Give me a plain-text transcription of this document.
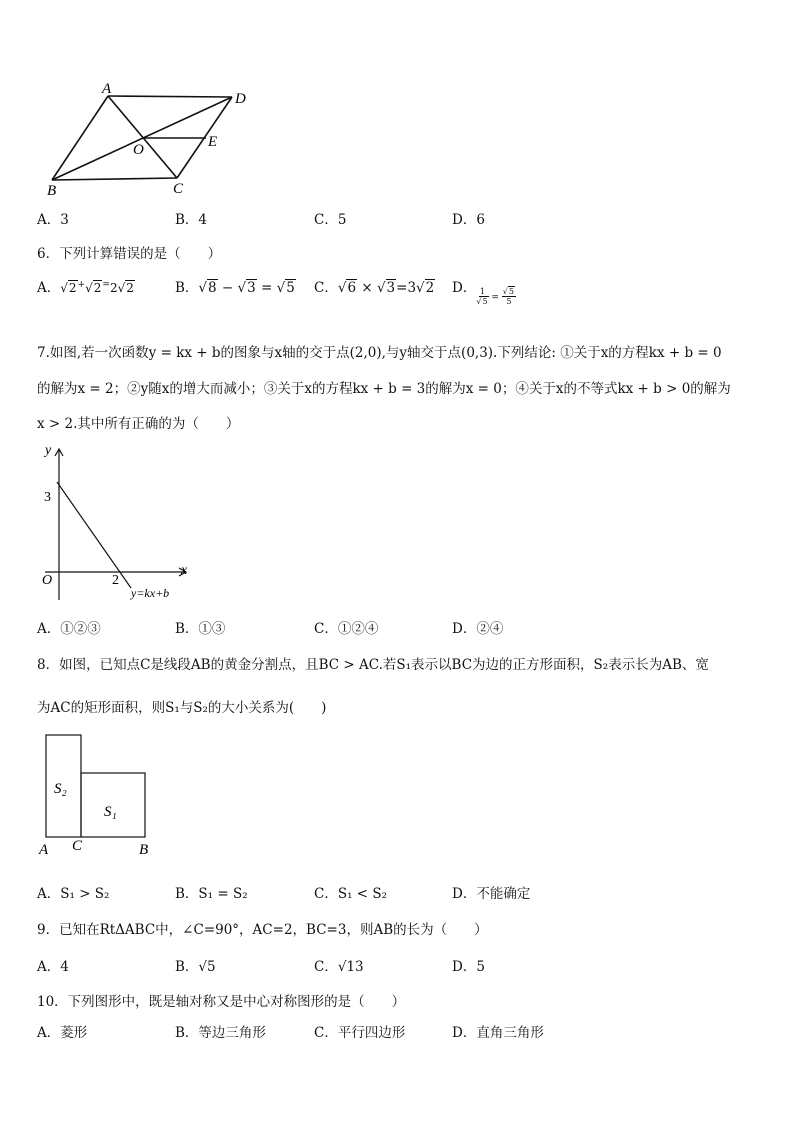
A
D
O	E
B	C
A．3	B．4	C．5	D．6
6．下列计算错误的是（　　）
A．√2+√2=2√2	B．√8 − √3 = √5 C．√6 × √3=3√2 D． $\frac{1}{√5} = \frac{√5}{5}$
7.如图,若一次函数y = kx + b的图象与x轴的交于点(2,0),与y轴交于点(0,3).下列结论: ①关于x的方程kx + b = 0
的解为x = 2；②y随x的增大而减小；③关于x的方程kx + b = 3的解为x = 0；④关于x的不等式kx + b > 0的解为
x > 2.其中所有正确的为（　　）
y
x
3
2
O
y=kx+b
A．①②③	B．①③	C．①②④	D．②④
8．如图，已知点C是线段AB的黄金分割点，且BC > AC.若S₁表示以BC为边的正方形面积，S₂表示长为AB、宽
为AC的矩形面积，则S₁与S₂的大小关系为(　　)
S₂
S₁
A C	B
A．S₁ > S₂	B．S₁ = S₂	C．S₁ < S₂	D．不能确定
9．已知在RtΔABC中，∠C=90°，AC=2，BC=3，则AB的长为（　　）
A．4	B．√5	C．√13	D．5
10．下列图形中，既是轴对称又是中心对称图形的是（　　）
A．菱形	B．等边三角形	C．平行四边形	D．直角三角形
